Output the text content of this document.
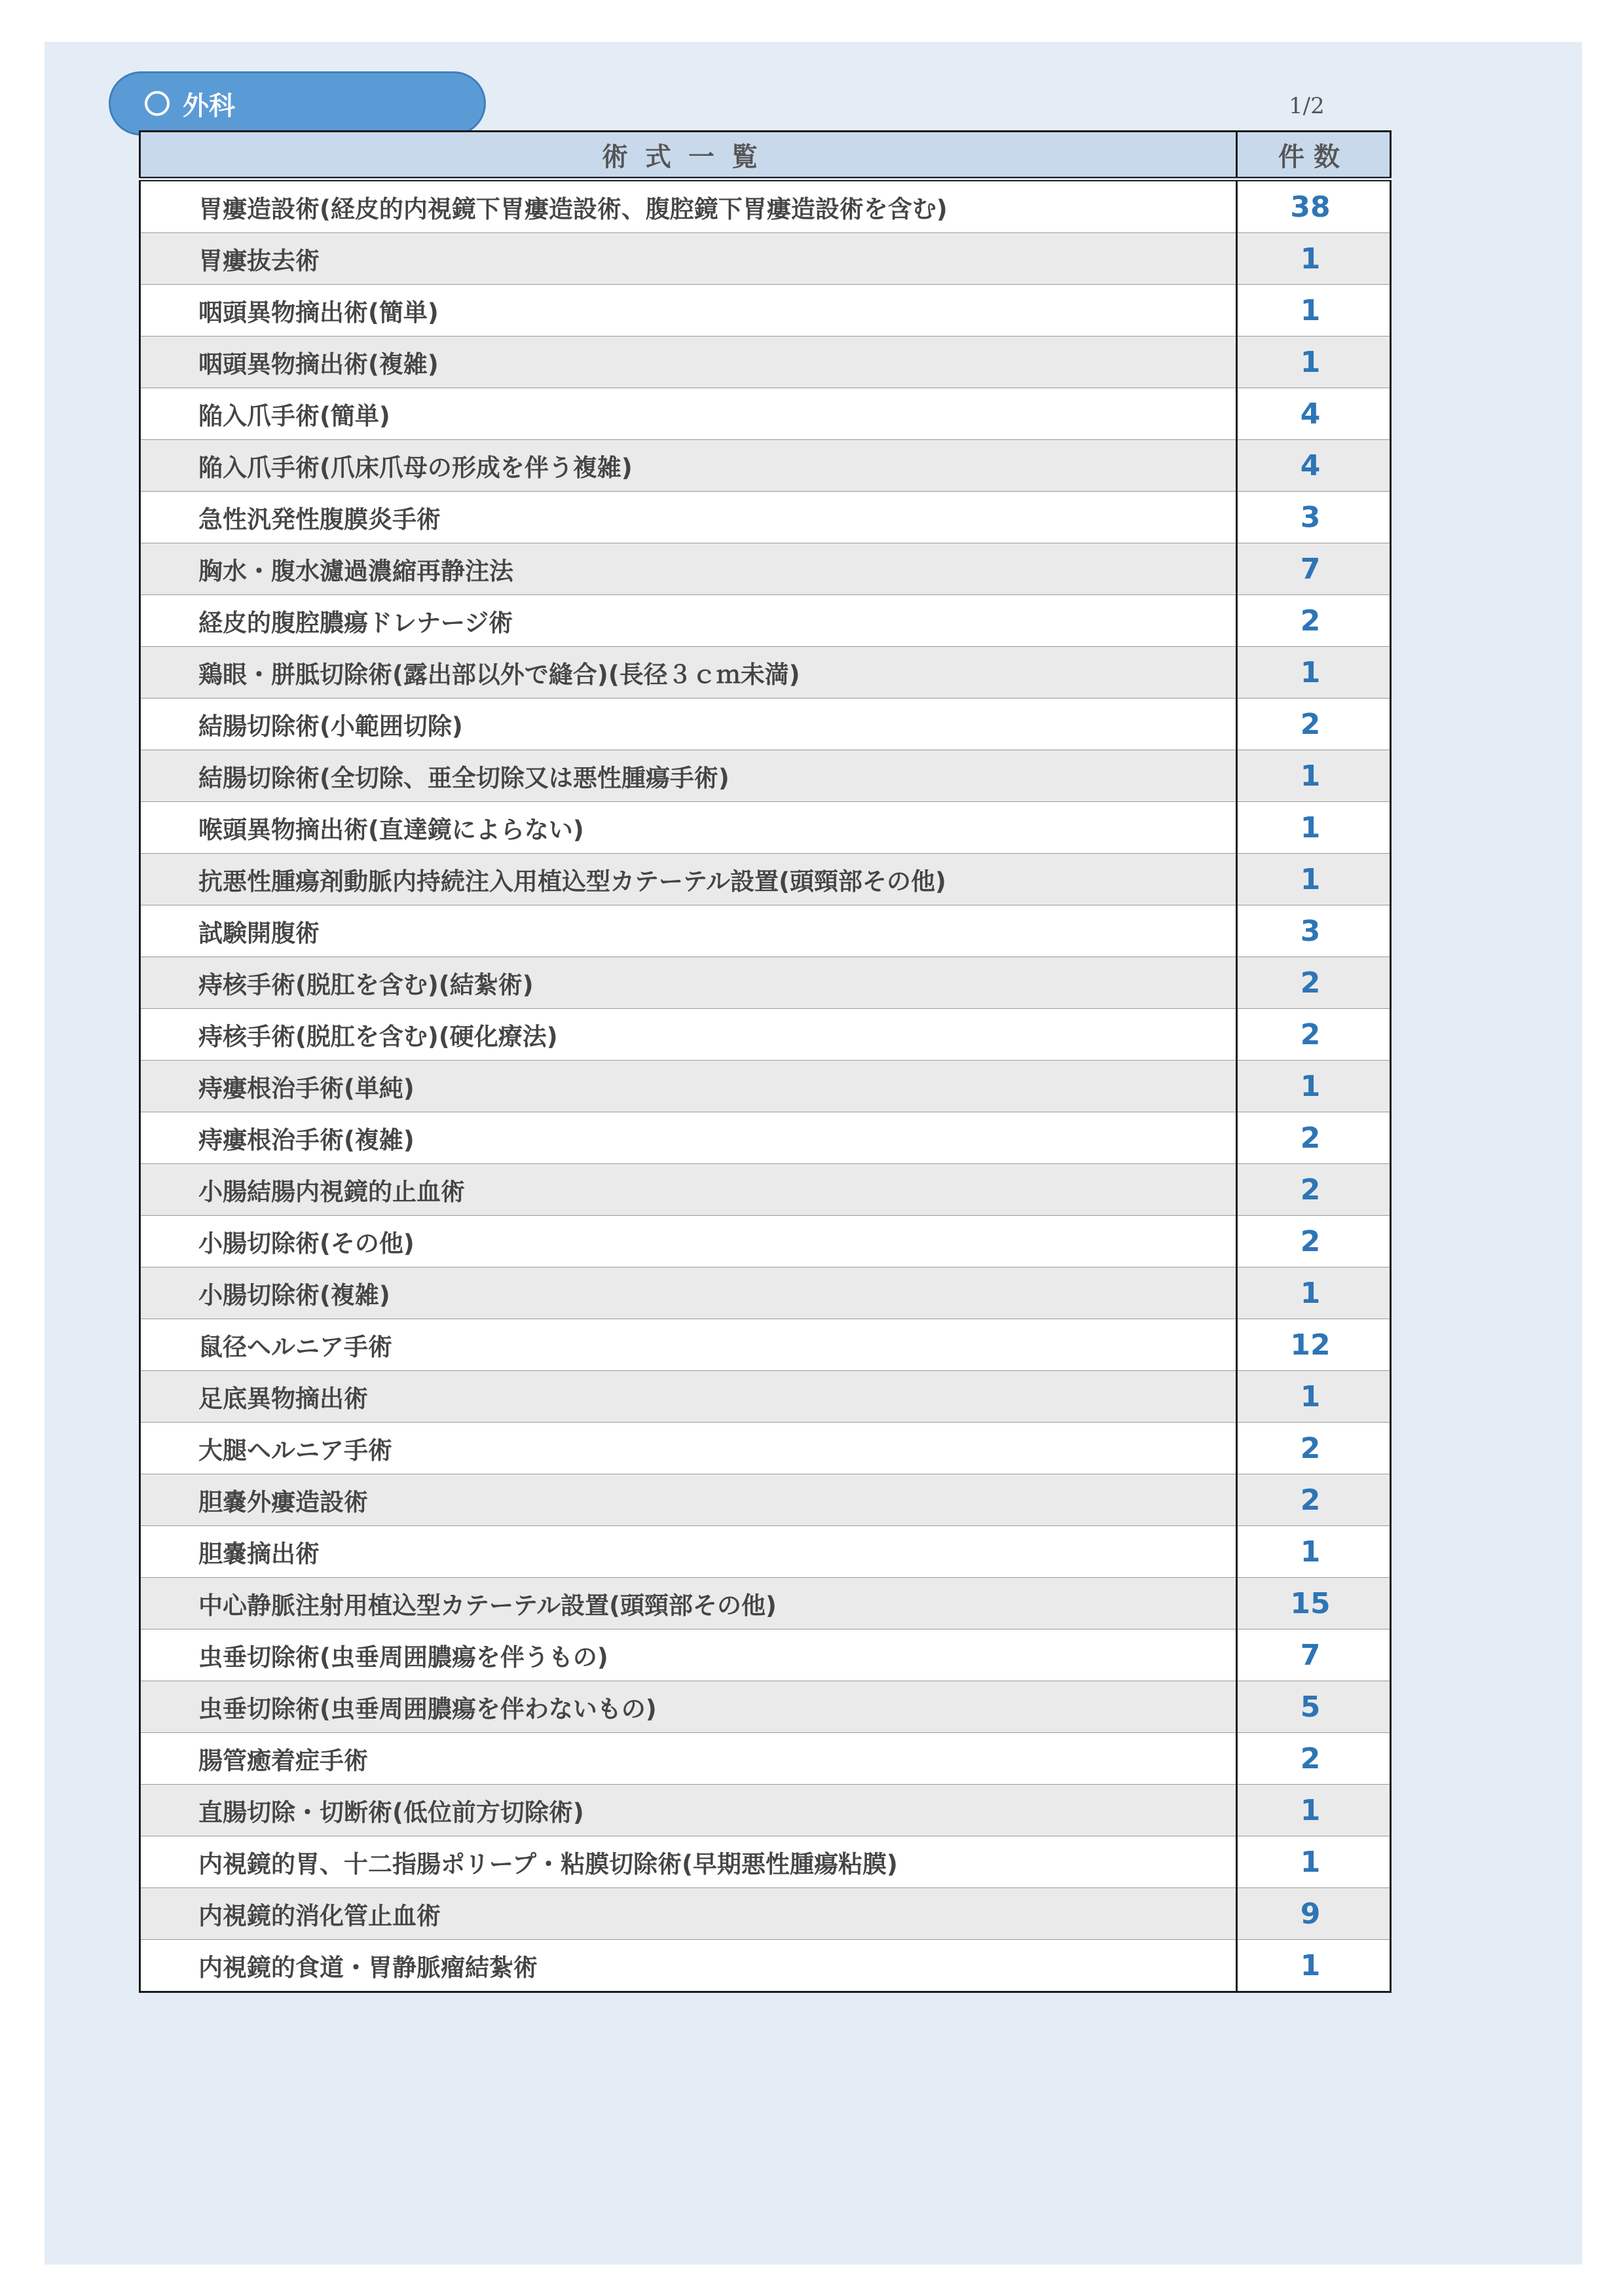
外科	1/2
術式一覧	件数
胃瘻造設術(経皮的内視鏡下胃瘻造設術、腹腔鏡下胃瘻造設術を含む)	38
胃瘻抜去術	1
咽頭異物摘出術(簡単)	1
咽頭異物摘出術(複雑)	1
陥入爪手術(簡単)	4
陥入爪手術(爪床爪母の形成を伴う複雑)	4
急性汎発性腹膜炎手術	3
胸水・腹水濾過濃縮再静注法	7
経皮的腹腔膿瘍ドレナージ術	2
鶏眼・胼胝切除術(露出部以外で縫合)(長径３ｃｍ未満)	1
結腸切除術(小範囲切除)	2
結腸切除術(全切除、亜全切除又は悪性腫瘍手術)	1
喉頭異物摘出術(直達鏡によらない)	1
抗悪性腫瘍剤動脈内持続注入用植込型カテーテル設置(頭頸部その他)	1
試験開腹術	3
痔核手術(脱肛を含む)(結紮術)	2
痔核手術(脱肛を含む)(硬化療法)	2
痔瘻根治手術(単純)	1
痔瘻根治手術(複雑)	2
小腸結腸内視鏡的止血術	2
小腸切除術(その他)	2
小腸切除術(複雑)	1
鼠径ヘルニア手術	12
足底異物摘出術	1
大腿ヘルニア手術	2
胆嚢外瘻造設術	2
胆嚢摘出術	1
中心静脈注射用植込型カテーテル設置(頭頸部その他)	15
虫垂切除術(虫垂周囲膿瘍を伴うもの)	7
虫垂切除術(虫垂周囲膿瘍を伴わないもの)	5
腸管癒着症手術	2
直腸切除・切断術(低位前方切除術)	1
内視鏡的胃、十二指腸ポリープ・粘膜切除術(早期悪性腫瘍粘膜)	1
内視鏡的消化管止血術	9
内視鏡的食道・胃静脈瘤結紮術	1
